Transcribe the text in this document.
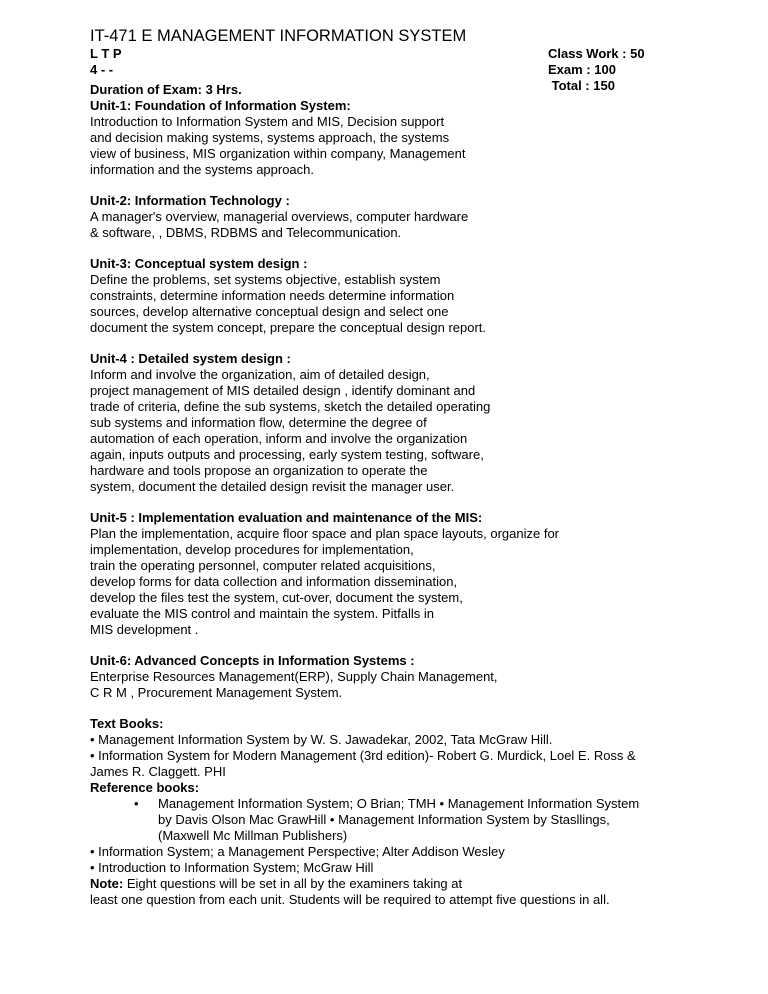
IT-471 E MANAGEMENT INFORMATION SYSTEM
L T P
4 - -
Class Work : 50
Exam : 100
Total : 150
Duration of Exam: 3 Hrs.
Unit-1: Foundation of Information System:
Introduction to Information System and MIS, Decision support
and decision making systems, systems approach, the systems
view of business, MIS organization within company, Management
information and the systems approach.
Unit-2: Information Technology :
A manager's overview, managerial overviews, computer hardware
& software, , DBMS, RDBMS and Telecommunication.
Unit-3: Conceptual system design :
Define the problems, set systems objective, establish system
constraints, determine information needs determine information
sources, develop alternative conceptual design and select one
document the system concept, prepare the conceptual design report.
Unit-4 : Detailed system design :
Inform and involve the organization, aim of detailed design,
project management of MIS detailed design , identify dominant and
trade of criteria, define the sub systems, sketch the detailed operating
sub systems and information flow, determine the degree of
automation of each operation, inform and involve the organization
again, inputs outputs and processing, early system testing, software,
hardware and tools propose an organization to operate the
system, document the detailed design revisit the manager user.
Unit-5 : Implementation evaluation and maintenance of the MIS:
Plan the implementation, acquire floor space and plan space layouts, organize for
implementation, develop procedures for implementation,
train the operating personnel, computer related acquisitions,
develop forms for data collection and information dissemination,
develop the files test the system, cut-over, document the system,
evaluate the MIS control and maintain the system. Pitfalls in
MIS development .
Unit-6: Advanced Concepts in Information Systems :
Enterprise Resources Management(ERP), Supply Chain Management,
C R M , Procurement Management System.
Text Books:
• Management Information System by W. S. Jawadekar, 2002, Tata McGraw Hill.
• Information System for Modern Management (3rd edition)- Robert G. Murdick, Loel E. Ross &
James R. Claggett. PHI
Reference books:
• Management Information System; O Brian; TMH • Management Information System
by Davis Olson Mac GrawHill • Management Information System by Stasllings,
(Maxwell Mc Millman Publishers)
• Information System; a Management Perspective; Alter Addison Wesley
• Introduction to Information System; McGraw Hill
Note: Eight questions will be set in all by the examiners taking at
least one question from each unit. Students will be required to attempt five questions in all.
